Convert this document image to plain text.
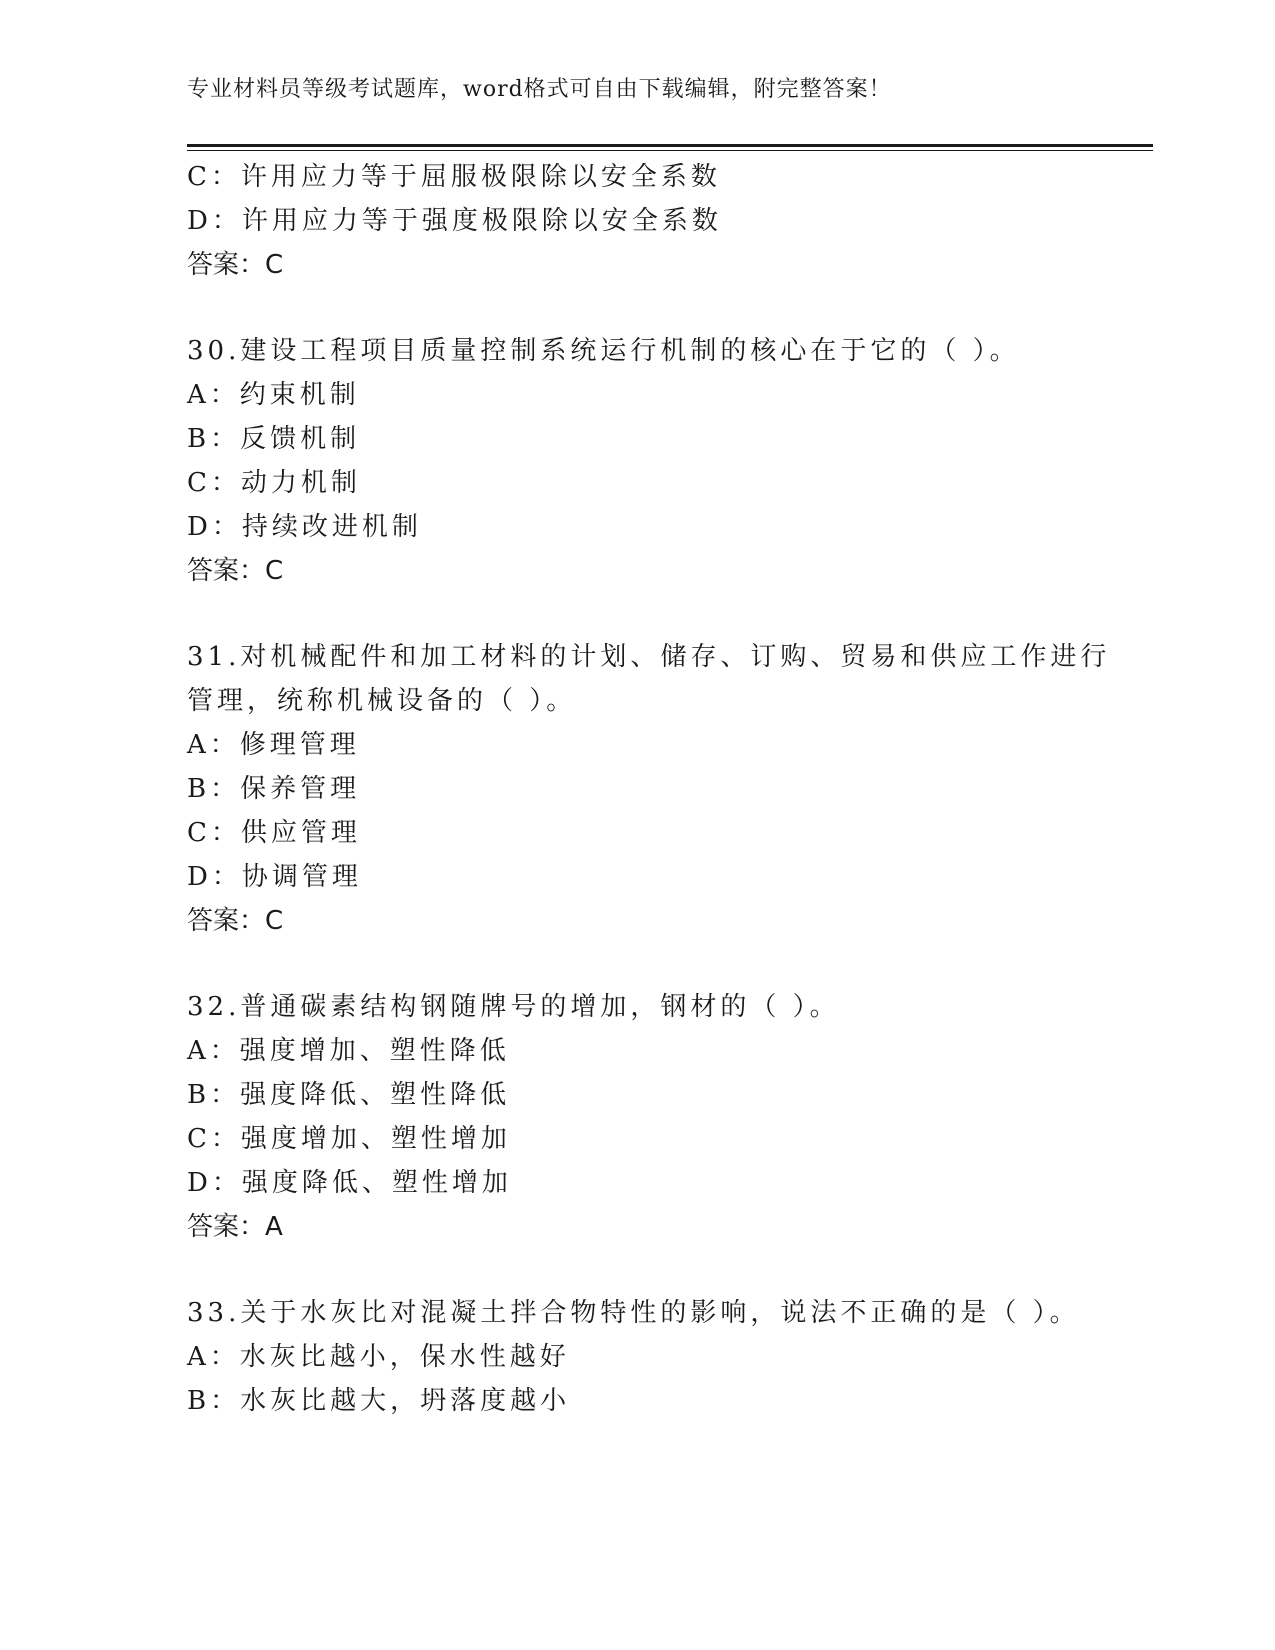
专业材料员等级考试题库，word格式可自由下载编辑，附完整答案！
C：许用应力等于屈服极限除以安全系数
D：许用应力等于强度极限除以安全系数
答案：C
30.建设工程项目质量控制系统运行机制的核心在于它的（ ）。
A：约束机制
B：反馈机制
C：动力机制
D：持续改进机制
答案：C
31.对机械配件和加工材料的计划、储存、订购、贸易和供应工作进行
管理，统称机械设备的（ ）。
A：修理管理
B：保养管理
C：供应管理
D：协调管理
答案：C
32.普通碳素结构钢随牌号的增加，钢材的（ ）。
A：强度增加、塑性降低
B：强度降低、塑性降低
C：强度增加、塑性增加
D：强度降低、塑性增加
答案：A
33.关于水灰比对混凝土拌合物特性的影响，说法不正确的是（ ）。
A：水灰比越小，保水性越好
B：水灰比越大，坍落度越小
